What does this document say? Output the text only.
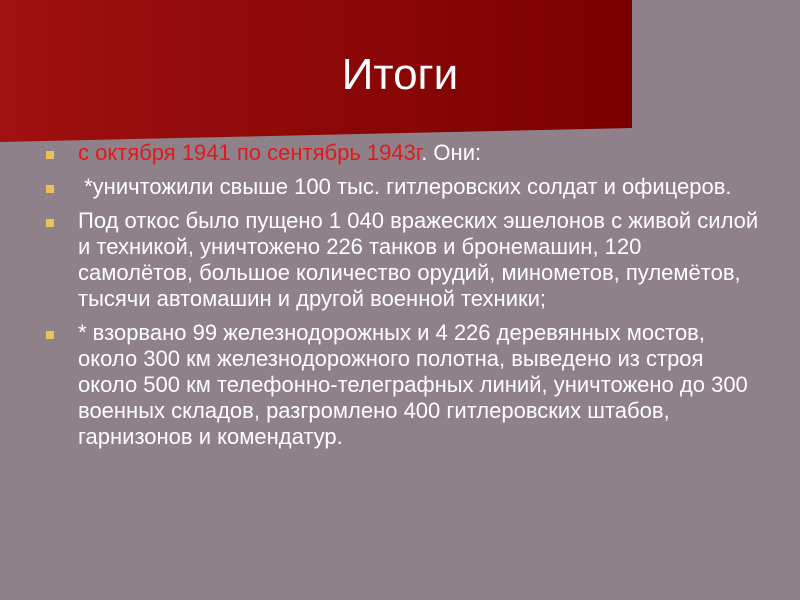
Итоги
с октября 1941 по сентябрь 1943г. Они:
*уничтожили свыше 100 тыс. гитлеровских солдат и офицеров.
Под откос было пущено 1 040 вражеских эшелонов с живой силой и техникой, уничтожено 226 танков и бронемашин, 120 самолётов, большое количество орудий, минометов, пулемётов, тысячи автомашин и другой военной техники;
* взорвано 99 железнодорожных и 4 226 деревянных мостов, около 300 км железнодорожного полотна, выведено из строя около 500 км телефонно-телеграфных линий, уничтожено до 300 военных складов, разгромлено 400 гитлеровских штабов, гарнизонов и комендатур.
